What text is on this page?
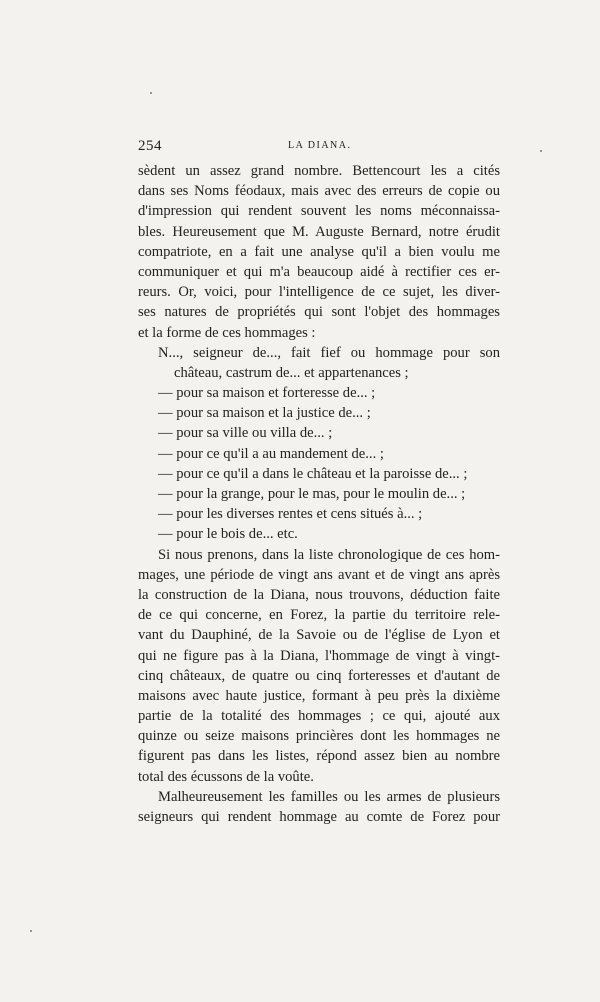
254	LA DIANA.
sèdent un assez grand nombre. Bettencourt les a cités
dans ses Noms féodaux, mais avec des erreurs de copie ou
d'impression qui rendent souvent les noms méconnaissa-
bles. Heureusement que M. Auguste Bernard, notre érudit
compatriote, en a fait une analyse qu'il a bien voulu me
communiquer et qui m'a beaucoup aidé à rectifier ces er-
reurs. Or, voici, pour l'intelligence de ce sujet, les diver-
ses natures de propriétés qui sont l'objet des hommages
et la forme de ces hommages :
N..., seigneur de..., fait fief ou hommage pour son
château, castrum de... et appartenances ;
— pour sa maison et forteresse de... ;
— pour sa maison et la justice de... ;
— pour sa ville ou villa de... ;
— pour ce qu'il a au mandement de... ;
— pour ce qu'il a dans le château et la paroisse de... ;
— pour la grange, pour le mas, pour le moulin de... ;
— pour les diverses rentes et cens situés à... ;
— pour le bois de... etc.
Si nous prenons, dans la liste chronologique de ces hom-
mages, une période de vingt ans avant et de vingt ans après
la construction de la Diana, nous trouvons, déduction faite
de ce qui concerne, en Forez, la partie du territoire rele-
vant du Dauphiné, de la Savoie ou de l'église de Lyon et
qui ne figure pas à la Diana, l'hommage de vingt à vingt-
cinq châteaux, de quatre ou cinq forteresses et d'autant de
maisons avec haute justice, formant à peu près la dixième
partie de la totalité des hommages ; ce qui, ajouté aux
quinze ou seize maisons princières dont les hommages ne
figurent pas dans les listes, répond assez bien au nombre
total des écussons de la voûte.
Malheureusement les familles ou les armes de plusieurs
seigneurs qui rendent hommage au comte de Forez pour
